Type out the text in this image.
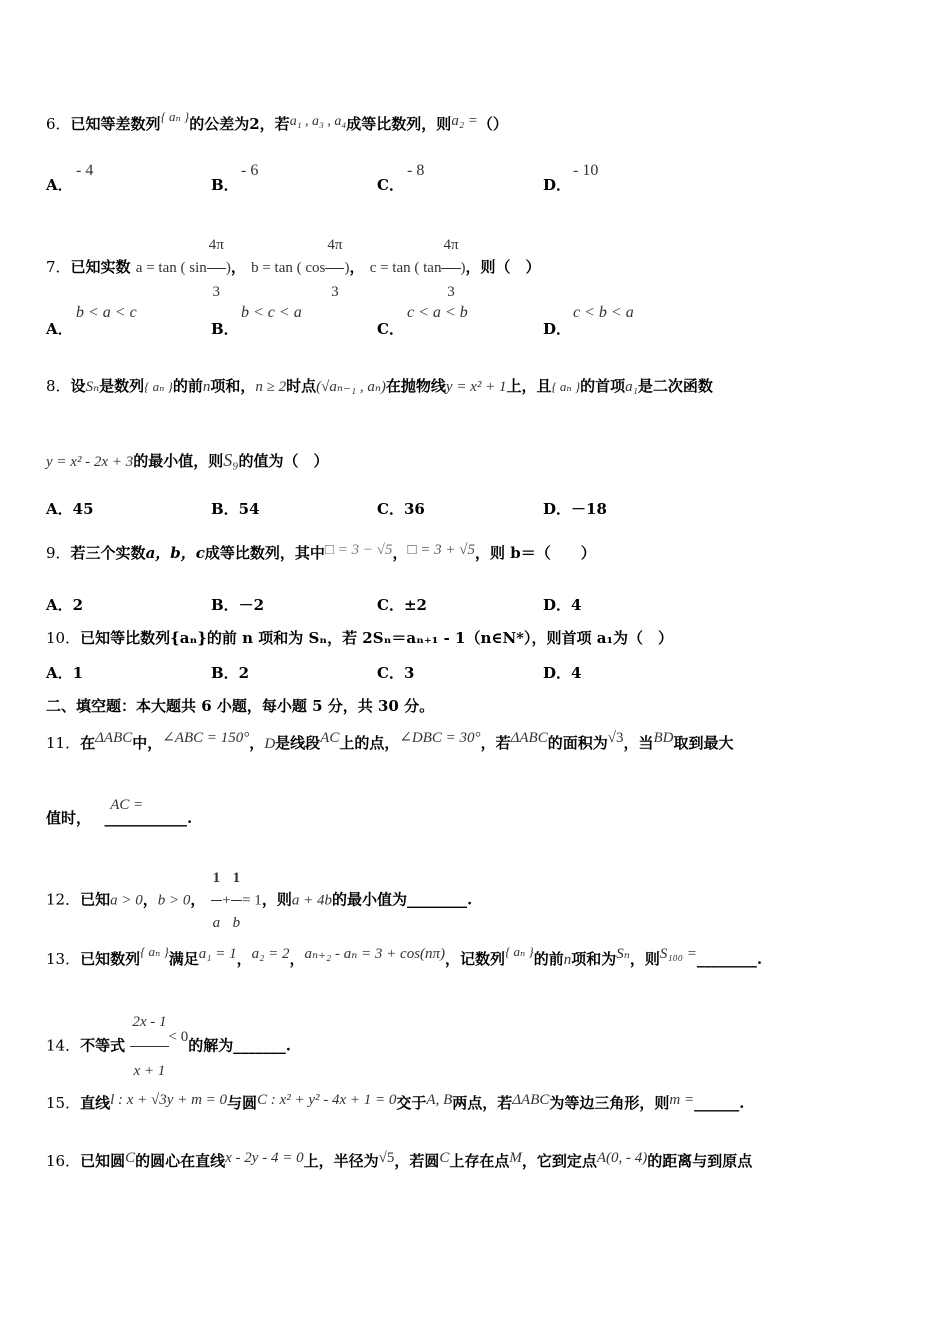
6．已知等差数列{ aₙ }的公差为2，若a₁ , a₃ , a₄成等比数列，则a₂ =（）
A．
- 4
B．
- 6
C．
- 8
D．
- 10
7．已知实数 a = tan ( $\sin \frac{4\pi}{3}$ )， b = tan ( $\cos \frac{4\pi}{3}$ )， c = tan ( $\tan \frac{4\pi}{3}$ )，则（　）
A．
b < a < c
B．
b < c < a
C．
c < a < b
D．
c < b < a
8．设Sₙ是数列{ aₙ }的前n项和，n ≥ 2时点(√aₙ₋₁ , aₙ)在抛物线y = x² + 1上，且{ aₙ }的首项a₁是二次函数
y = x² - 2x + 3的最小值，则S₉的值为（　）
A．45	B．54	C．36	D．－18
9．若三个实数a，b，c成等比数列，其中□ = 3 − √5，□ = 3 + √5，则 b＝（　　）
A．2	B．－2	C．±2	D．4
10．已知等比数列{aₙ}的前 n 项和为 Sₙ，若 2Sₙ＝aₙ₊₁ - 1（n∈N*），则首项 a₁为（　）
A．1	B．2	C．3	D．4
二、填空题：本大题共 6 小题，每小题 5 分，共 30 分。
11．在ΔABC中，∠ABC = 150°，D是线段AC上的点，∠DBC = 30°，若ΔABC的面积为√3，当BD取到最大
值时， AC = ___________.
12．已知a > 0，b > 0， $\frac{1}{a} + \frac{1}{b} = 1$，则a + 4b的最小值为________.
13．已知数列{ aₙ }满足a₁ = 1，a₂ = 2，aₙ₊₂ - aₙ = 3 + cos(nπ)，记数列{ aₙ }的前n项和为Sₙ，则S₁₀₀ =________.
14．不等式 $\frac{2x - 1}{x + 1} < 0$的解为_______.
15．直线l : x + √3y + m = 0与圆C : x² + y² - 4x + 1 = 0交于A, B两点，若ΔABC为等边三角形，则m =______.
16．已知圆C的圆心在直线x - 2y - 4 = 0上，半径为√5，若圆C上存在点M，它到定点A(0, - 4)的距离与到原点
